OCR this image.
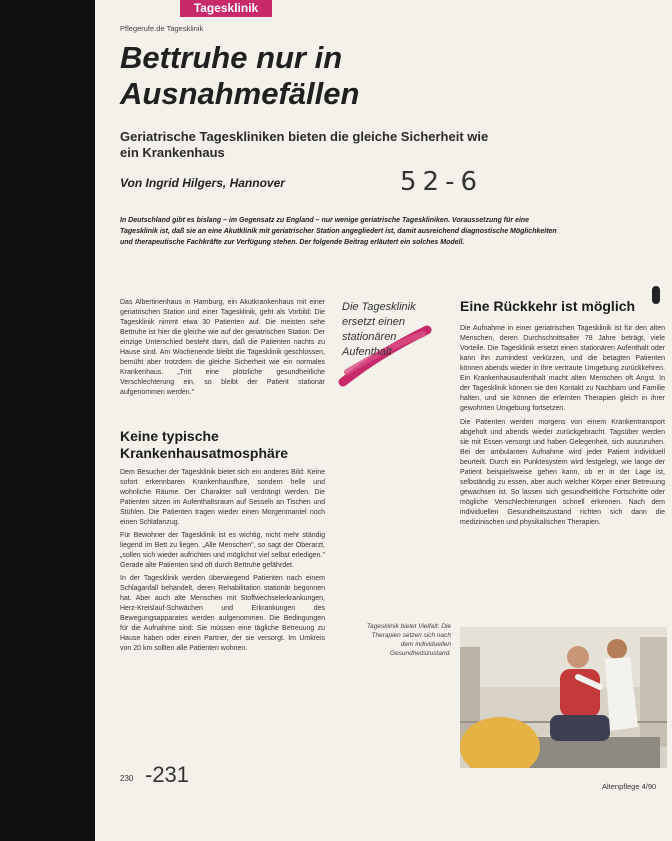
Tagesklinik
Pflegerufe.de Tagesklinik
Bettruhe nur in
Ausnahmefällen
Geriatrische Tageskliniken bieten die gleiche Sicherheit wie ein Krankenhaus
Von Ingrid Hilgers, Hannover	52-6
In Deutschland gibt es bislang – im Gegensatz zu England – nur wenige geriatrische Tageskliniken. Voraussetzung für eine Tagesklinik ist, daß sie an eine Akutklinik mit geriatrischer Station angegliedert ist, damit ausreichend diagnostische Möglichkeiten und therapeutische Fachkräfte zur Verfügung stehen. Der folgende Beitrag erläutert ein solches Modell.

Das Albertinenhaus in Hamburg, ein Akutkrankenhaus mit einer geriatrischen Station und einer Tagesklinik, geht als Vorbild: Die Tagesklinik nimmt etwa 30 Patienten auf. Die meisten sehe Bettruhe ist hier die gleiche wie auf der geriatrischen Station. Der einzige Unterschied besteht darin, daß die Patienten nachts zu Hause sind. Am Wochenende bleibt die Tagesklinik geschlossen, bemüht aber trotzdem die gleiche Sicherheit wie ein normales Krankenhaus. „Tritt eine plötzliche gesundheitliche Verschlechterung ein, so bleibt der Patient stationär aufgenommen werden."

Keine typische Krankenhausatmosphäre

Dem Besucher der Tagesklinik bietet sich ein anderes Bild: Keine sofort erkennbaren Krankenhausflure, sondern helle und wohnliche Räume. Der Charakter soll verdrängt werden. Die Patienten sitzen im Aufenthaltsraum auf Sesseln an Tischen und Stühlen. Die Patienten tragen wieder einen Morgenmantel noch einen Schlafanzug.

Für Bewohner der Tagesklinik ist es wichtig, nicht mehr ständig liegend im Bett zu liegen. „Alle Menschen", so sagt der Oberarzt, „sollen sich wieder aufrichten und möglichst viel selbst erledigen." Gerade alte Patienten sind oft durch Bettruhe gefährdet.

In der Tagesklinik werden überwiegend Patienten nach einem Schlaganfall behandelt, deren Rehabilitation stationär begonnen hat. Aber auch alte Menschen mit Stoffwechselerkrankungen, Herz-Kreislauf-Schwächen und Erkrankungen des Bewegungsapparates werden aufgenommen. Die Bedingungen für die Aufnahme sind: Sie müssen eine tägliche Betreuung zu Hause haben oder einen Partner, der sie versorgt. Im Umkreis von 20 km sollten alle Patienten wohnen.

Die Tagesklinik ersetzt einen stationären Aufenthalt
Eine Rückkehr ist möglich

Die Aufnahme in einer geriatrischen Tagesklinik ist für den alten Menschen, deren Durchschnittsalter 78 Jahre beträgt, viele Vorteile. Die Tagesklinik ersetzt einen stationären Aufenthalt oder kann ihn zumindest verkürzen, und die betagten Patienten können abends wieder in ihre vertraute Umgebung zurückkehren. Ein Krankenhausaufenthalt macht alten Menschen oft Angst. In der Tagesklinik können sie den Kontakt zu Nachbarn und Familie halten, und sie können die erlernten Therapien gleich in ihrer gewohnten Umgebung fortsetzen.

Die Patienten werden morgens von einem Krankentransport abgeholt und abends wieder zurückgebracht. Tagsüber werden sie mit Essen versorgt und haben Gelegenheit, sich auszuruhen. Bei der ambulanten Aufnahme wird jeder Patient individuell beurteilt. Durch ein Punktesystem wird festgelegt, wie lange der Patient beispielsweise gehen kann, ob er in der Lage ist, selbständig zu essen, aber auch welcher Körper einer Betreuung gewachsen ist. So lassen sich gesundheitliche Fortschritte oder mögliche Verschlechterungen schnell erkennen. Nach dem individuellen Gesundheitszustand richten sich dann die medizinischen und physikalischen Therapien.

Tagesklinik bietet Vielfalt: Die Therapien setzen sich nach dem individuellen Gesundheitszustand.
230 -231	Altenpflege 4/90
